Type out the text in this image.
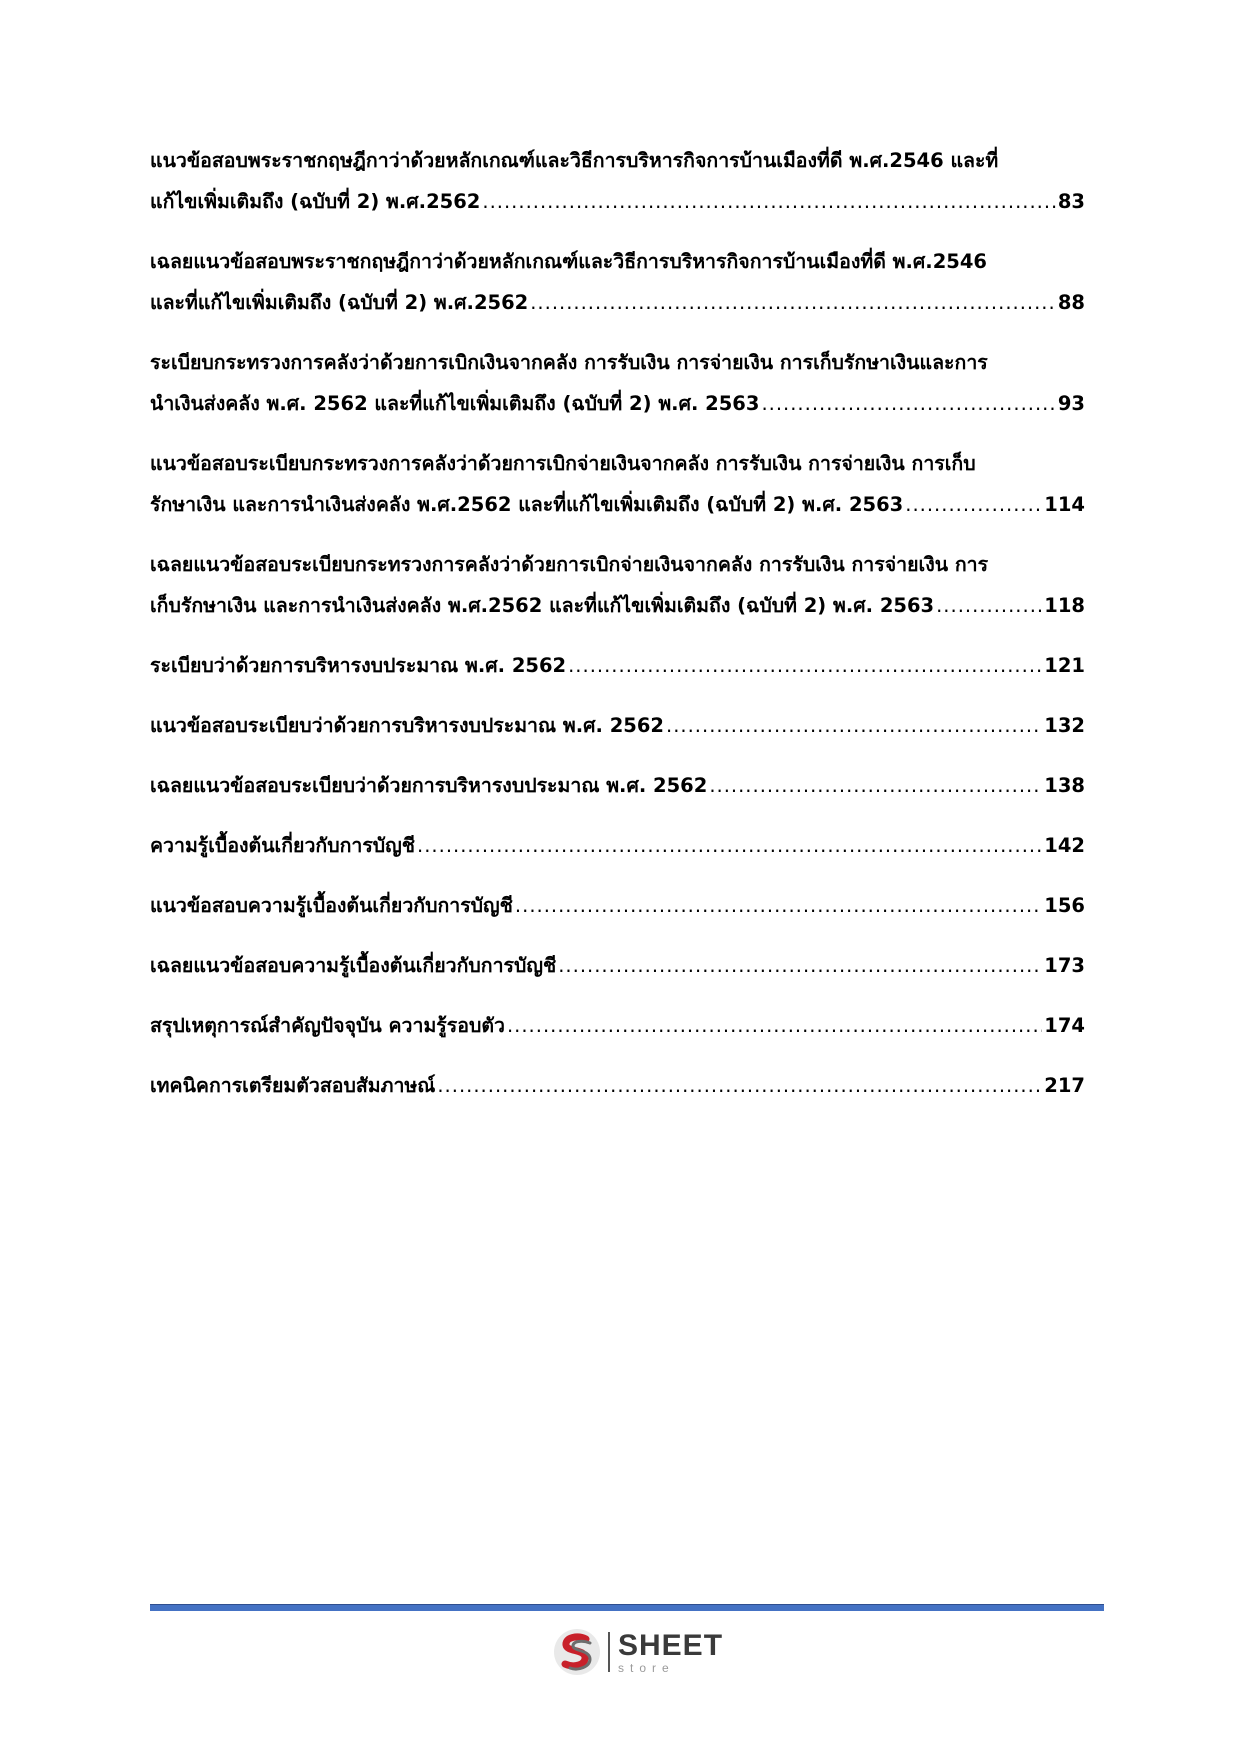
แนวข้อสอบพระราชกฤษฎีกาว่าด้วยหลักเกณฑ์และวิธีการบริหารกิจการบ้านเมืองที่ดี พ.ศ.2546 และที่
แก้ไขเพิ่มเติมถึง (ฉบับที่ 2) พ.ศ.2562 .....	83
เฉลยแนวข้อสอบพระราชกฤษฎีกาว่าด้วยหลักเกณฑ์และวิธีการบริหารกิจการบ้านเมืองที่ดี พ.ศ.2546
และที่แก้ไขเพิ่มเติมถึง (ฉบับที่ 2) พ.ศ.2562 .....	88
ระเบียบกระทรวงการคลังว่าด้วยการเบิกเงินจากคลัง การรับเงิน การจ่ายเงิน การเก็บรักษาเงินและการ
นำเงินส่งคลัง พ.ศ. 2562 และที่แก้ไขเพิ่มเติมถึง (ฉบับที่ 2) พ.ศ. 2563 .....	93
แนวข้อสอบระเบียบกระทรวงการคลังว่าด้วยการเบิกจ่ายเงินจากคลัง การรับเงิน การจ่ายเงิน การเก็บ
รักษาเงิน และการนำเงินส่งคลัง พ.ศ.2562 และที่แก้ไขเพิ่มเติมถึง (ฉบับที่ 2) พ.ศ. 2563 .....	114
เฉลยแนวข้อสอบระเบียบกระทรวงการคลังว่าด้วยการเบิกจ่ายเงินจากคลัง การรับเงิน การจ่ายเงิน การ
เก็บรักษาเงิน และการนำเงินส่งคลัง พ.ศ.2562 และที่แก้ไขเพิ่มเติมถึง (ฉบับที่ 2) พ.ศ. 2563 .....	118
ระเบียบว่าด้วยการบริหารงบประมาณ พ.ศ. 2562 .....	121
แนวข้อสอบระเบียบว่าด้วยการบริหารงบประมาณ พ.ศ. 2562 .....	132
เฉลยแนวข้อสอบระเบียบว่าด้วยการบริหารงบประมาณ พ.ศ. 2562 .....	138
ความรู้เบื้องต้นเกี่ยวกับการบัญชี .....	142
แนวข้อสอบความรู้เบื้องต้นเกี่ยวกับการบัญชี .....	156
เฉลยแนวข้อสอบความรู้เบื้องต้นเกี่ยวกับการบัญชี .....	173
สรุปเหตุการณ์สำคัญปัจจุบัน ความรู้รอบตัว .....	174
เทคนิคการเตรียมตัวสอบสัมภาษณ์ .....	217
SHEET
store
